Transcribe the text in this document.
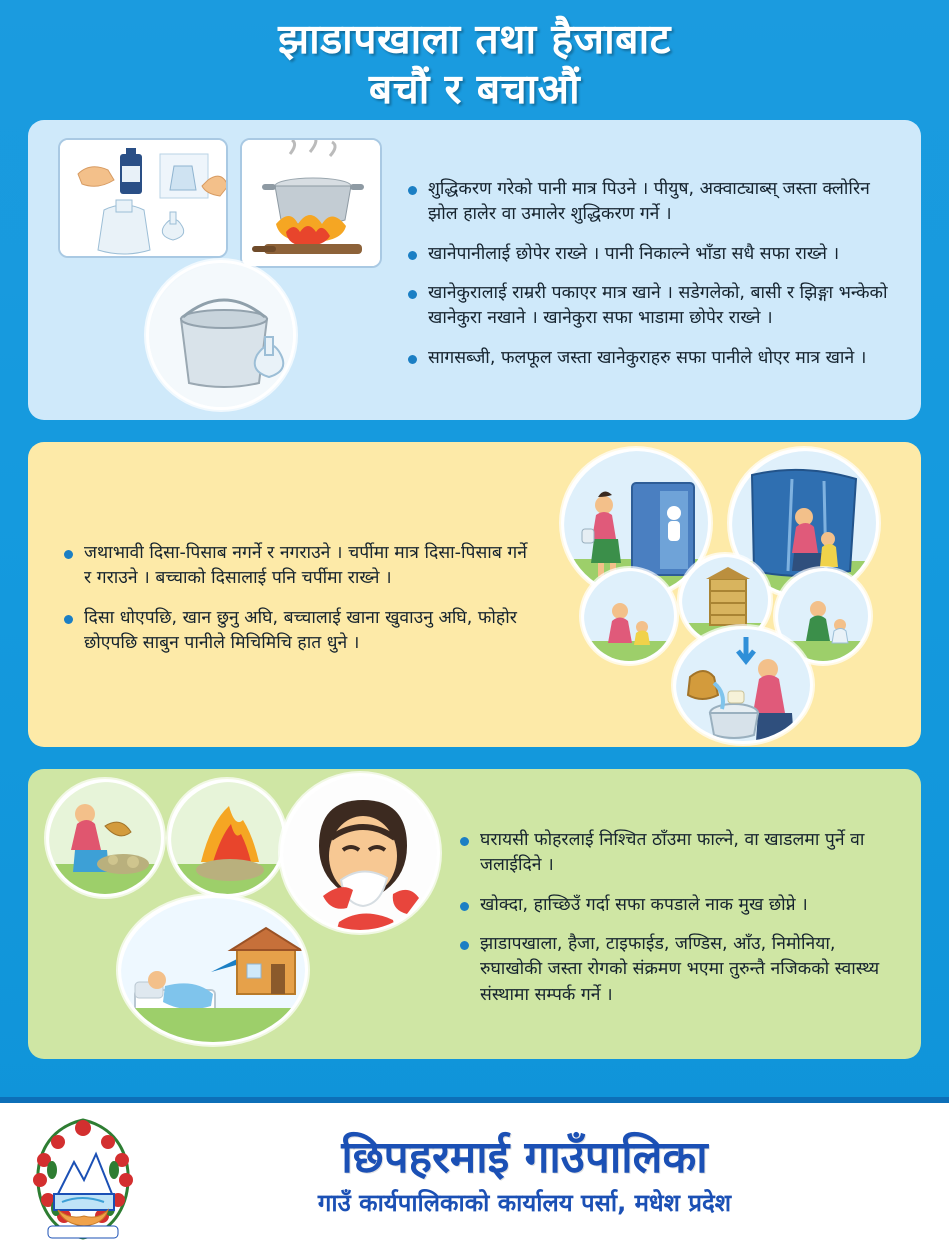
झाडापखाला तथा हैजाबाट
बचौं र बचाऔं
शुद्धिकरण गरेको पानी मात्र पिउने । पीयुष, अक्वाट्याब्स् जस्ता क्लोरिन झोल हालेर वा उमालेर शुद्धिकरण गर्ने ।
खानेपानीलाई छोपेर राख्ने । पानी निकाल्ने भाँडा सधै सफा राख्ने ।
खानेकुरालाई राम्ररी पकाएर मात्र खाने । सडेगलेको, बासी र झिङ्गा भन्केको खानेकुरा नखाने । खानेकुरा सफा भाडामा छोपेर राख्ने ।
सागसब्जी, फलफूल जस्ता खानेकुराहरु सफा पानीले धोएर मात्र खाने ।
जथाभावी दिसा-पिसाब नगर्ने र नगराउने । चर्पीमा मात्र दिसा-पिसाब गर्ने र गराउने । बच्चाको दिसालाई पनि चर्पीमा राख्ने ।
दिसा धोएपछि, खान छुनु अघि, बच्चालाई खाना खुवाउनु अघि, फोहोर छोएपछि साबुन पानीले मिचिमिचि हात धुने ।
घरायसी फोहरलाई निश्चित ठाँउमा फाल्ने, वा खाडलमा पुर्ने वा जलाईदिने ।
खोक्दा, हाच्छिउँ गर्दा सफा कपडाले नाक मुख छोप्ने ।
झाडापखाला, हैजा, टाइफाईड, जण्डिस, आँउ, निमोनिया, रुघाखोकी जस्ता रोगको संक्रमण भएमा तुरुन्तै नजिकको स्वास्थ्य संस्थामा सम्पर्क गर्ने ।
छिपहरमाई गाउँपालिका
गाउँ कार्यपालिकाको कार्यालय पर्सा, मधेश प्रदेश
